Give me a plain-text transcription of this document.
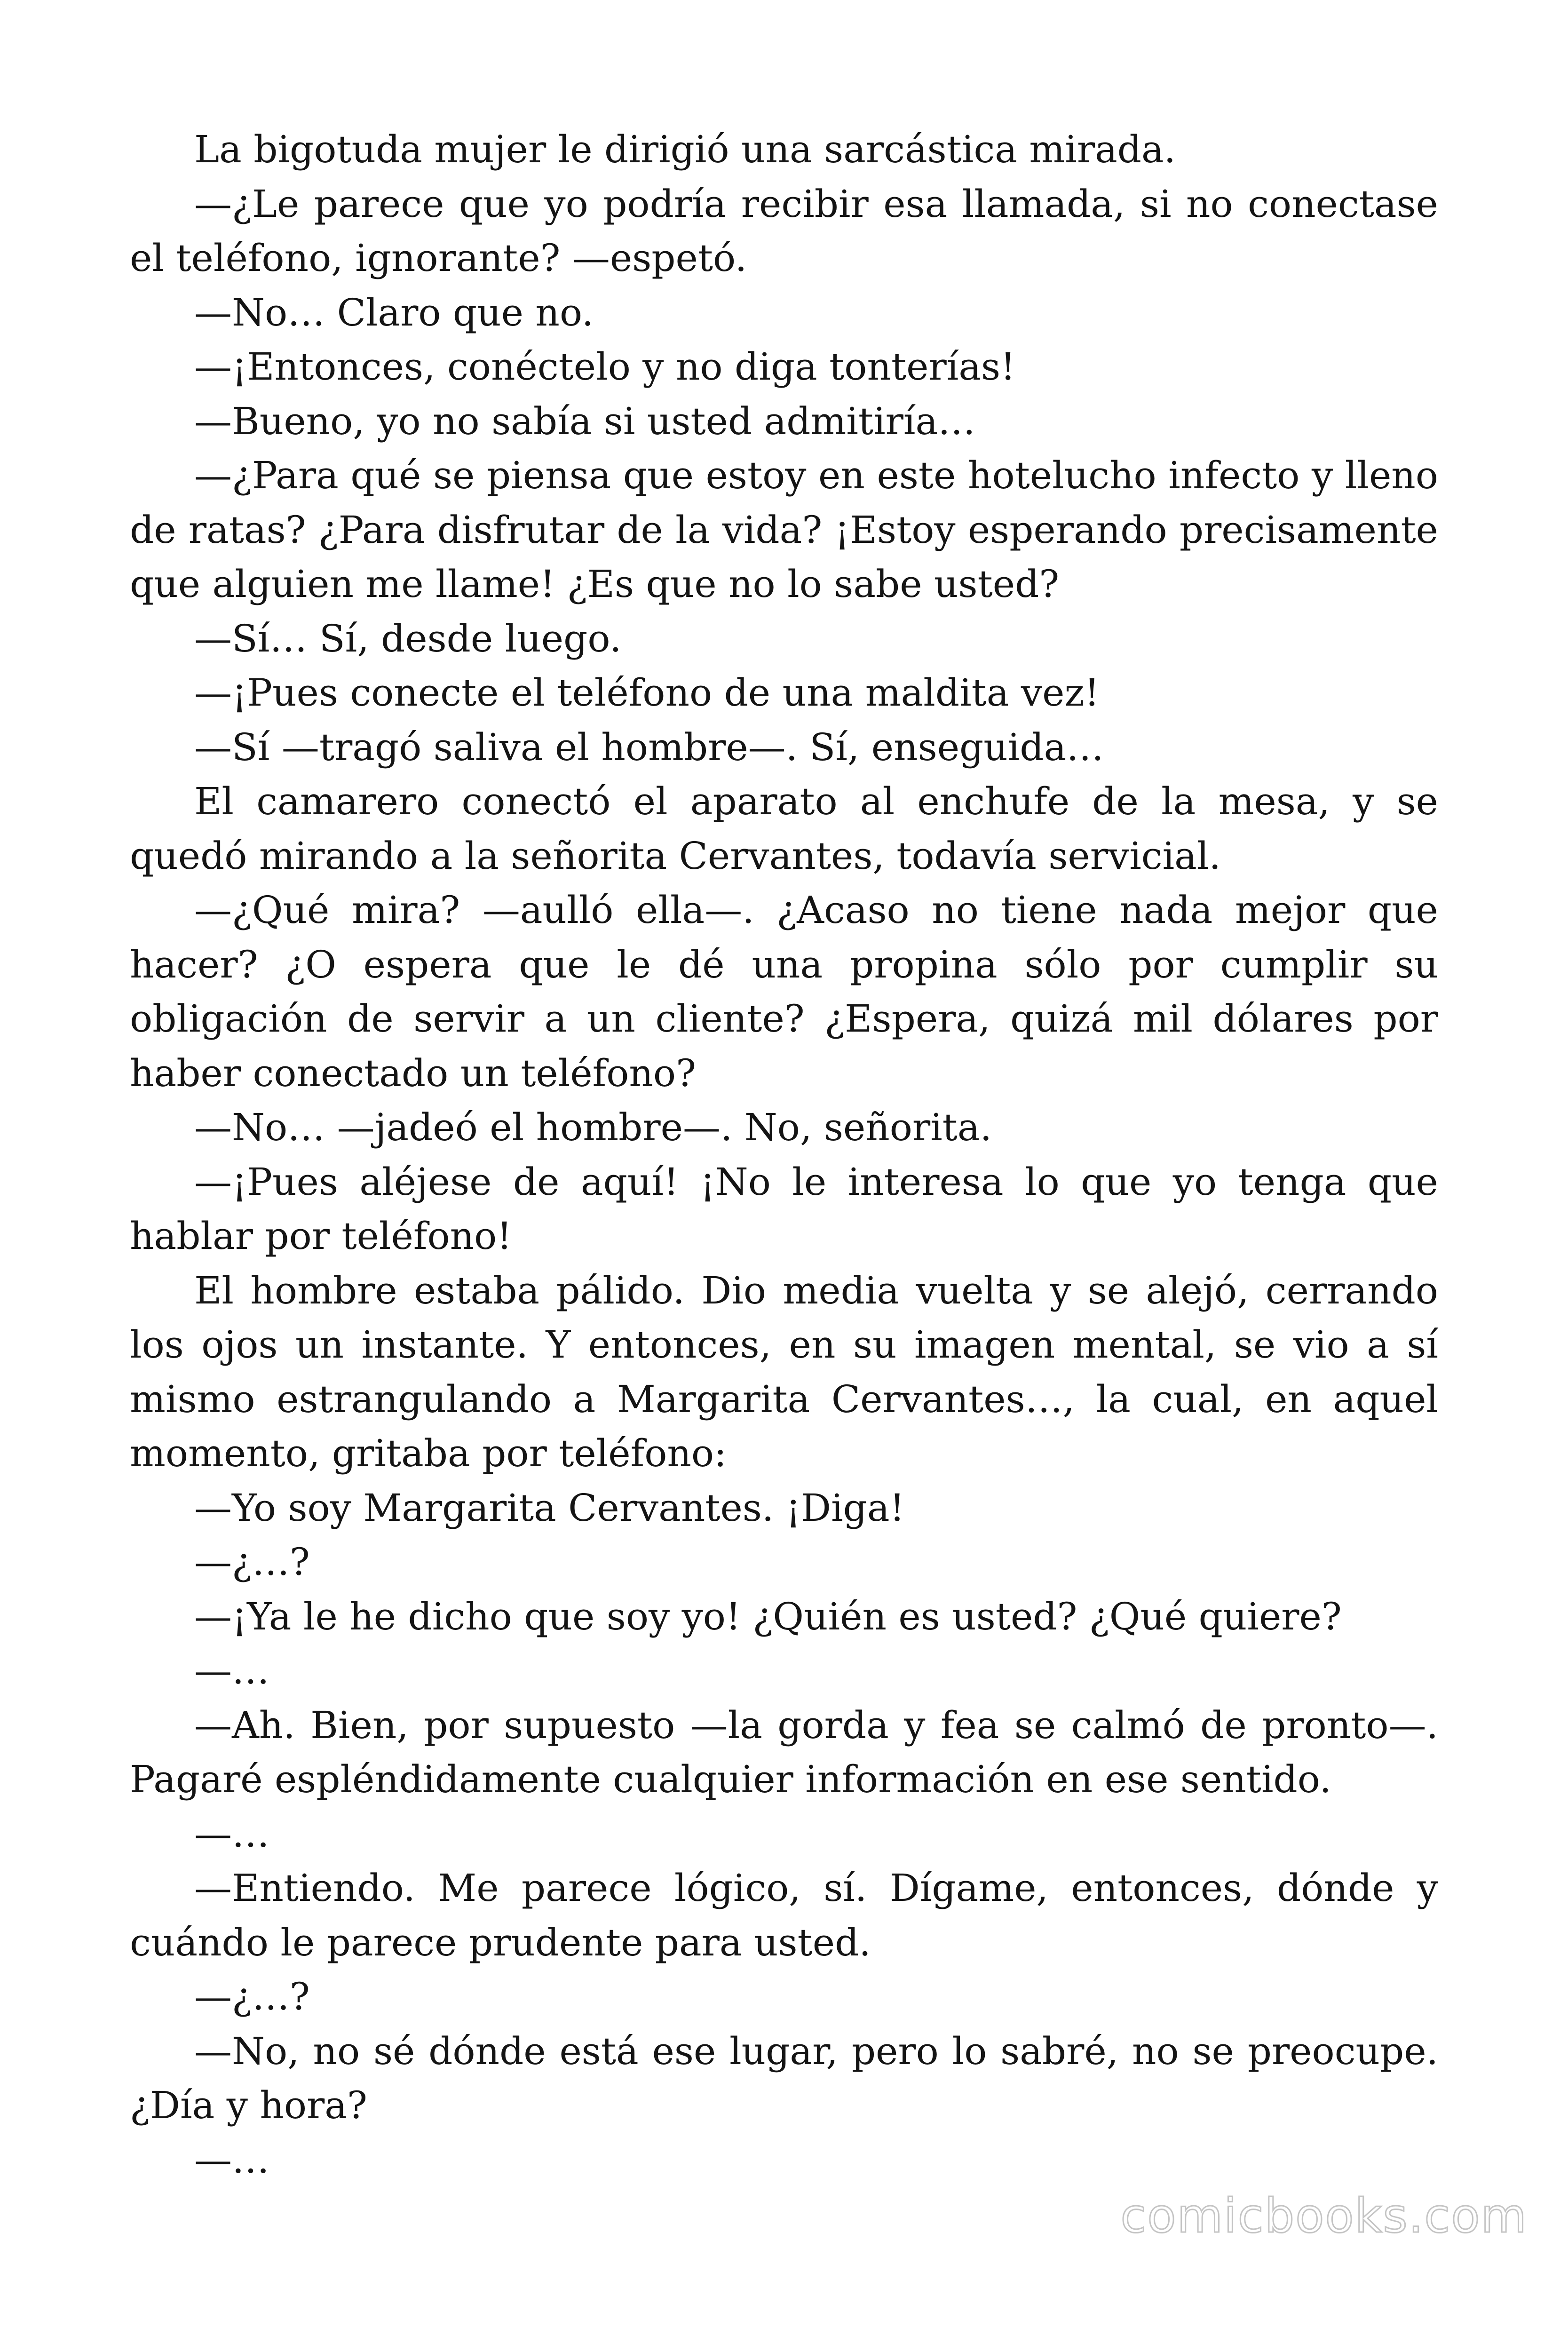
La bigotuda mujer le dirigió una sarcástica mirada.

—¿Le parece que yo podría recibir esa llamada, si no conectase el teléfono, ignorante? —espetó.

—No… Claro que no.

—¡Entonces, conéctelo y no diga tonterías!

—Bueno, yo no sabía si usted admitiría…

—¿Para qué se piensa que estoy en este hotelucho infecto y lleno de ratas? ¿Para disfrutar de la vida? ¡Estoy esperando precisamente que alguien me llame! ¿Es que no lo sabe usted?

—Sí… Sí, desde luego.

—¡Pues conecte el teléfono de una maldita vez!

—Sí —tragó saliva el hombre—. Sí, enseguida…

El camarero conectó el aparato al enchufe de la mesa, y se quedó mirando a la señorita Cervantes, todavía servicial.

—¿Qué mira? —aulló ella—. ¿Acaso no tiene nada mejor que hacer? ¿O espera que le dé una propina sólo por cumplir su obligación de servir a un cliente? ¿Espera, quizá mil dólares por haber conectado un teléfono?

—No… —jadeó el hombre—. No, señorita.

—¡Pues aléjese de aquí! ¡No le interesa lo que yo tenga que hablar por teléfono!

El hombre estaba pálido. Dio media vuelta y se alejó, cerrando los ojos un instante. Y entonces, en su imagen mental, se vio a sí mismo estrangulando a Margarita Cervantes…, la cual, en aquel momento, gritaba por teléfono:

—Yo soy Margarita Cervantes. ¡Diga!

—¿…?

—¡Ya le he dicho que soy yo! ¿Quién es usted? ¿Qué quiere?

—…

—Ah. Bien, por supuesto —la gorda y fea se calmó de pronto—. Pagaré espléndidamente cualquier información en ese sentido.

—…

—Entiendo. Me parece lógico, sí. Dígame, entonces, dónde y cuándo le parece prudente para usted.

—¿…?

—No, no sé dónde está ese lugar, pero lo sabré, no se preocupe. ¿Día y hora?

—…

comicbooks.com
